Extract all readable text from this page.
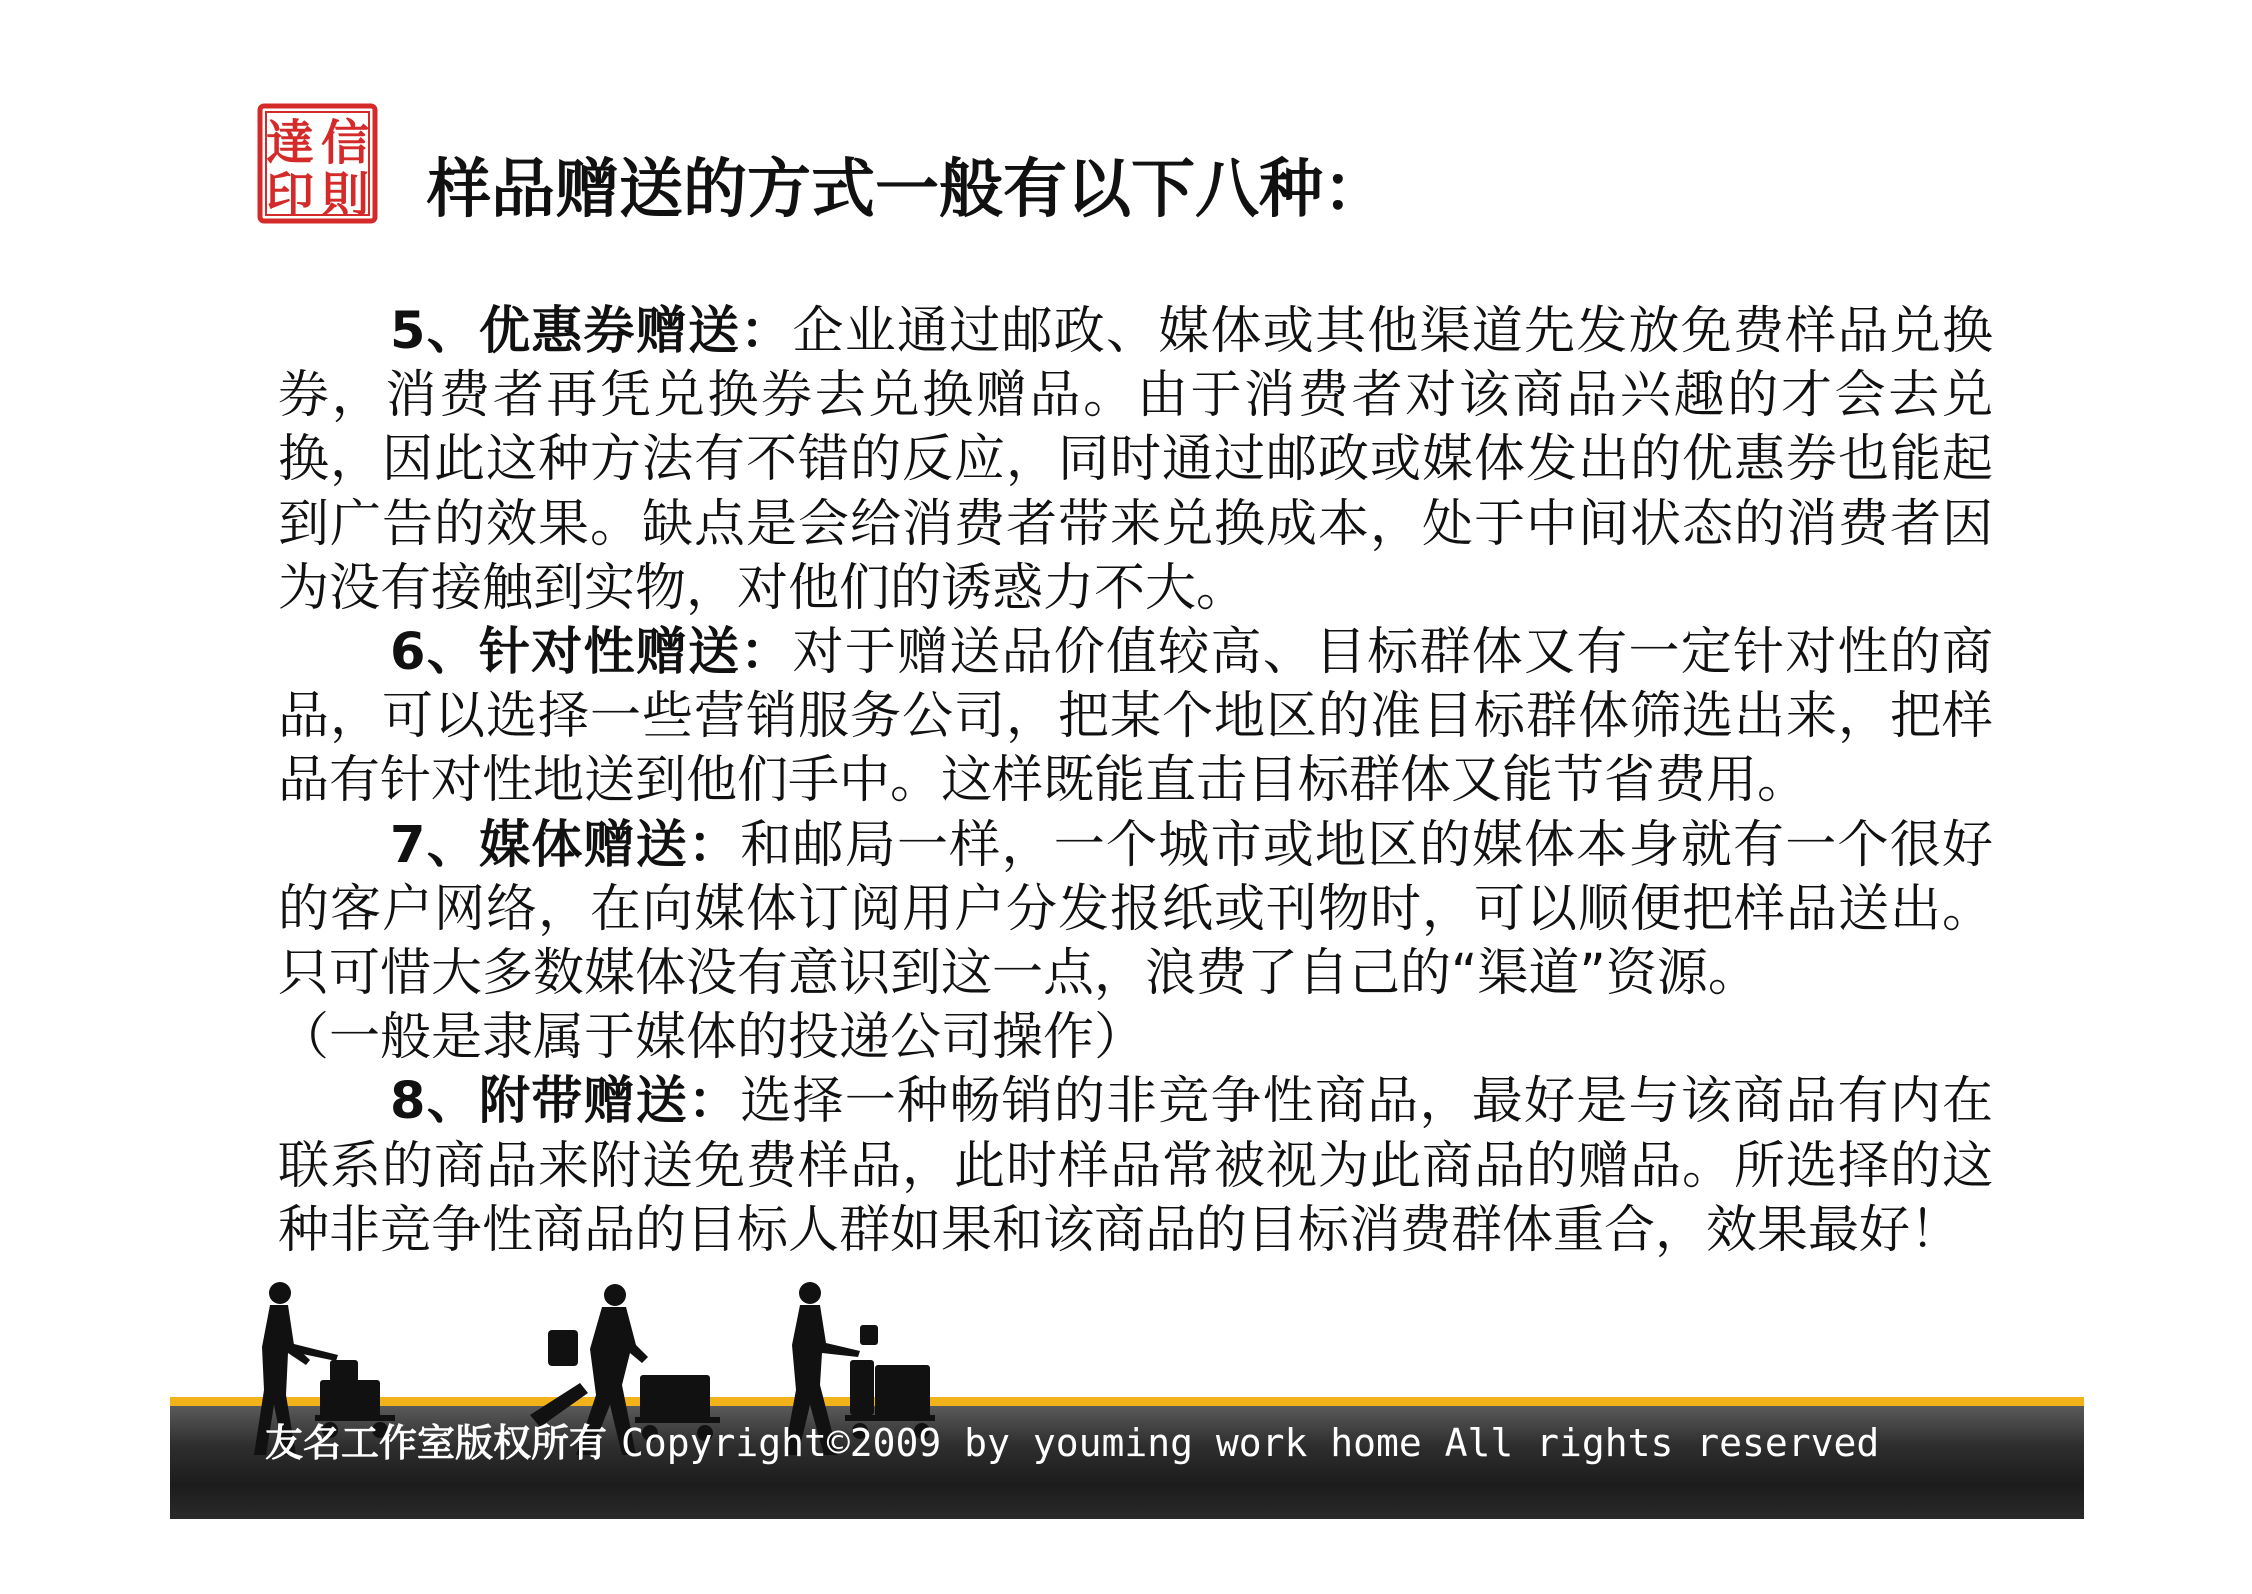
達 信
印 則 样品赠送的方式一般有以下八种：

5、优惠券赠送：企业通过邮政、媒体或其他渠道先发放免费样品兑换券，消费者再凭兑换券去兑换赠品。由于消费者对该商品兴趣的才会去兑换，因此这种方法有不错的反应，同时通过邮政或媒体发出的优惠券也能起到广告的效果。缺点是会给消费者带来兑换成本，处于中间状态的消费者因为没有接触到实物，对他们的诱惑力不大。

6、针对性赠送：对于赠送品价值较高、目标群体又有一定针对性的商品，可以选择一些营销服务公司，把某个地区的准目标群体筛选出来，把样品有针对性地送到他们手中。这样既能直击目标群体又能节省费用。

7、媒体赠送：和邮局一样，一个城市或地区的媒体本身就有一个很好的客户网络，在向媒体订阅用户分发报纸或刊物时，可以顺便把样品送出。只可惜大多数媒体没有意识到这一点，浪费了自己的“渠道”资源。

（一般是隶属于媒体的投递公司操作）

8、附带赠送：选择一种畅销的非竞争性商品，最好是与该商品有内在联系的商品来附送免费样品，此时样品常被视为此商品的赠品。所选择的这种非竞争性商品的目标人群如果和该商品的目标消费群体重合，效果最好！

友名工作室版权所有 Copyright©2009 by youming work home All rights reserved
